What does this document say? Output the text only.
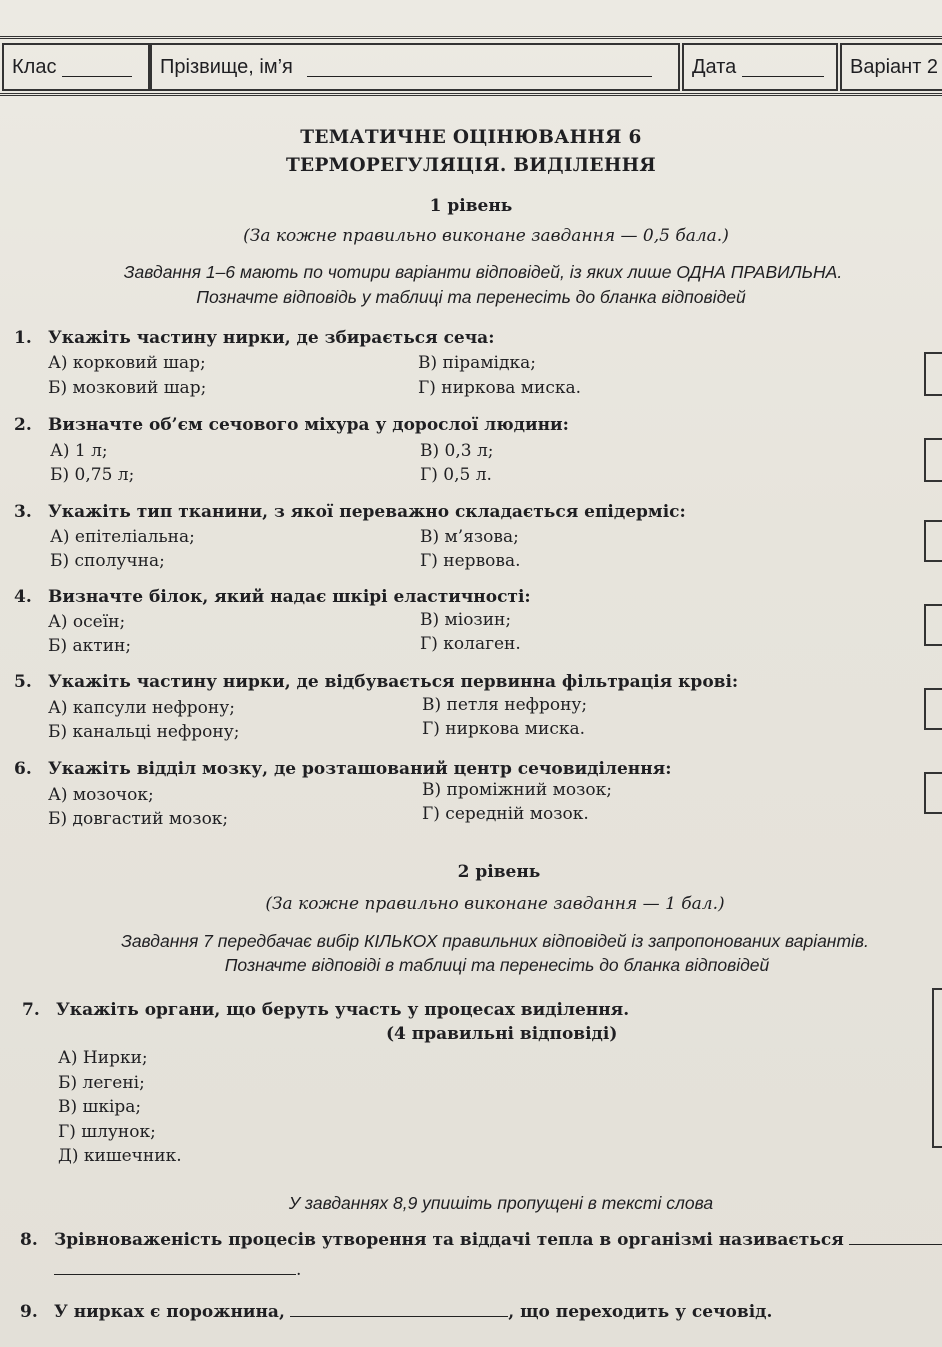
Клас	Прізвище, ім’я	Дата	Варіант 2
ТЕМАТИЧНЕ ОЦІНЮВАННЯ 6
ТЕРМОРЕГУЛЯЦІЯ. ВИДІЛЕННЯ
1 рівень
(За кожне правильно виконане завдання — 0,5 бала.)
Завдання 1–6 мають по чотири варіанти відповідей, із яких лише ОДНА ПРАВИЛЬНА.
Позначте відповідь у таблиці та перенесіть до бланка відповідей
1. Укажіть частину нирки, де збирається сеча:
А) корковий шар;
Б) мозковий шар;
В) пірамідка;
Г) ниркова миска.
2. Визначте об’єм сечового міхура у дорослої людини:
А) 1 л;
Б) 0,75 л;
В) 0,3 л;
Г) 0,5 л.
3. Укажіть тип тканини, з якої переважно складається епідерміс:
А) епітеліальна;
Б) сполучна;
В) м’язова;
Г) нервова.
4. Визначте білок, який надає шкірі еластичності:
А) осеїн;
Б) актин;
В) міозин;
Г) колаген.
5. Укажіть частину нирки, де відбувається первинна фільтрація крові:
А) капсули нефрону;
Б) канальці нефрону;
В) петля нефрону;
Г) ниркова миска.
6. Укажіть відділ мозку, де розташований центр сечовиділення:
А) мозочок;
Б) довгастий мозок;
В) проміжний мозок;
Г) середній мозок.
2 рівень
(За кожне правильно виконане завдання — 1 бал.)
Завдання 7 передбачає вибір КІЛЬКОХ правильних відповідей із запропонованих варіантів.
Позначте відповіді в таблиці та перенесіть до бланка відповідей
7. Укажіть органи, що беруть участь у процесах виділення.
(4 правильні відповіді)
А) Нирки;
Б) легені;
В) шкіра;
Г) шлунок;
Д) кишечник.
У завданнях 8,9 упишіть пропущені в тексті слова
8. Зрівноваженість процесів утворення та віддачі тепла в організмі називається
.
9. У нирках є порожнина,	, що переходить у сечовід.
